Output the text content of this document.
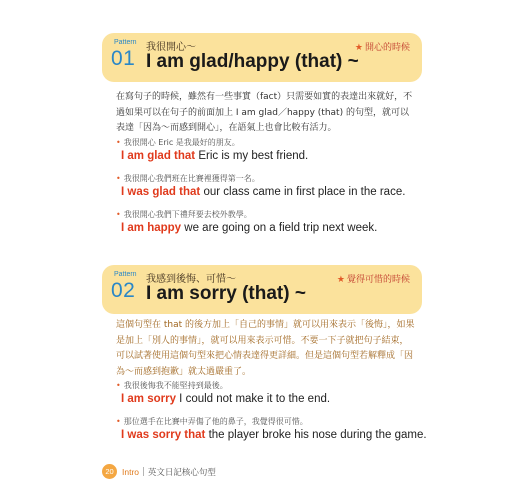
Pattern
01 我很開心～	★ 開心的時候
I am glad/happy (that) ~
在寫句子的時候，雖然有一些事實（fact）只需要如實的表達出來就好，不過如果可以在句子的前面加上 I am glad／happy (that) 的句型，就可以表達「因為～而感到開心」，在語氣上也會比較有活力。
• 我很開心 Eric 是我最好的朋友。
I am glad that Eric is my best friend.
• 我很開心我們班在比賽裡獲得第一名。
I was glad that our class came in first place in the race.
• 我很開心我們下禮拜要去校外教學。
I am happy we are going on a field trip next week.
Pattern
02 我感到後悔、可惜～	★ 覺得可惜的時候
I am sorry (that) ~
這個句型在 that 的後方加上「自己的事情」就可以用來表示「後悔」，如果是加上「別人的事情」，就可以用來表示可惜。不要一下子就把句子結束，可以試著使用這個句型來把心情表達得更詳細。但是這個句型若解釋成「因為～而感到抱歉」就太過嚴重了。
• 我很後悔我不能堅持到最後。
I am sorry I could not make it to the end.
• 那位選手在比賽中弄傷了他的鼻子，我覺得很可惜。
I was sorry that the player broke his nose during the game.
20 Intro | 英文日記核心句型
